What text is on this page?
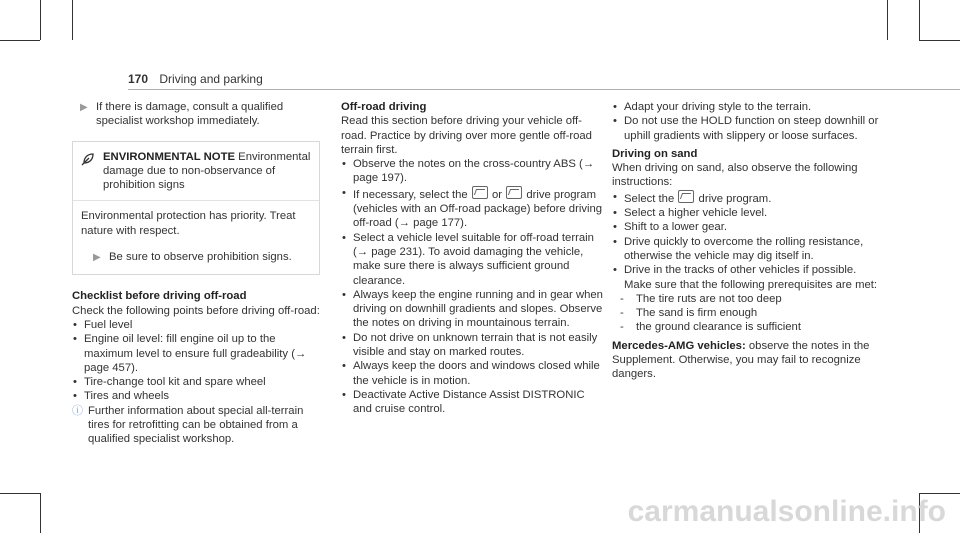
170 Driving and parking

▶ If there is damage, consult a qualified specialist workshop immediately.

ENVIRONMENTAL NOTE Environmental damage due to non-observance of prohibition signs

Environmental protection has priority. Treat nature with respect.

▶ Be sure to observe prohibition signs.

Checklist before driving off-road

Check the following points before driving off-road:

• Fuel level

• Engine oil level: fill engine oil up to the maximum level to ensure full gradeability (→ page 457).

• Tire-change tool kit and spare wheel

• Tires and wheels

ⓘ Further information about special all-terrain tires for retrofitting can be obtained from a qualified specialist workshop.

Off-road driving

Read this section before driving your vehicle off-road. Practice by driving over more gentle off-road terrain first.

• Observe the notes on the cross-country ABS (→ page 197).

• If necessary, select the or drive program (vehicles with an Off-road package) before driving off-road (→ page 177).

• Select a vehicle level suitable for off-road terrain (→ page 231). To avoid damaging the vehicle, make sure there is always sufficient ground clearance.

• Always keep the engine running and in gear when driving on downhill gradients and slopes. Observe the notes on driving in mountainous terrain.

• Do not drive on unknown terrain that is not easily visible and stay on marked routes.

• Always keep the doors and windows closed while the vehicle is in motion.

• Deactivate Active Distance Assist DISTRONIC and cruise control.

• Adapt your driving style to the terrain.

• Do not use the HOLD function on steep downhill or uphill gradients with slippery or loose surfaces.

Driving on sand

When driving on sand, also observe the following instructions:

• Select the drive program.

• Select a higher vehicle level.

• Shift to a lower gear.

• Drive quickly to overcome the rolling resistance, otherwise the vehicle may dig itself in.

• Drive in the tracks of other vehicles if possible. Make sure that the following prerequisites are met:

- The tire ruts are not too deep

- The sand is firm enough

- the ground clearance is sufficient

Mercedes-AMG vehicles: observe the notes in the Supplement. Otherwise, you may fail to recognize dangers.

carmanualsonline.info
